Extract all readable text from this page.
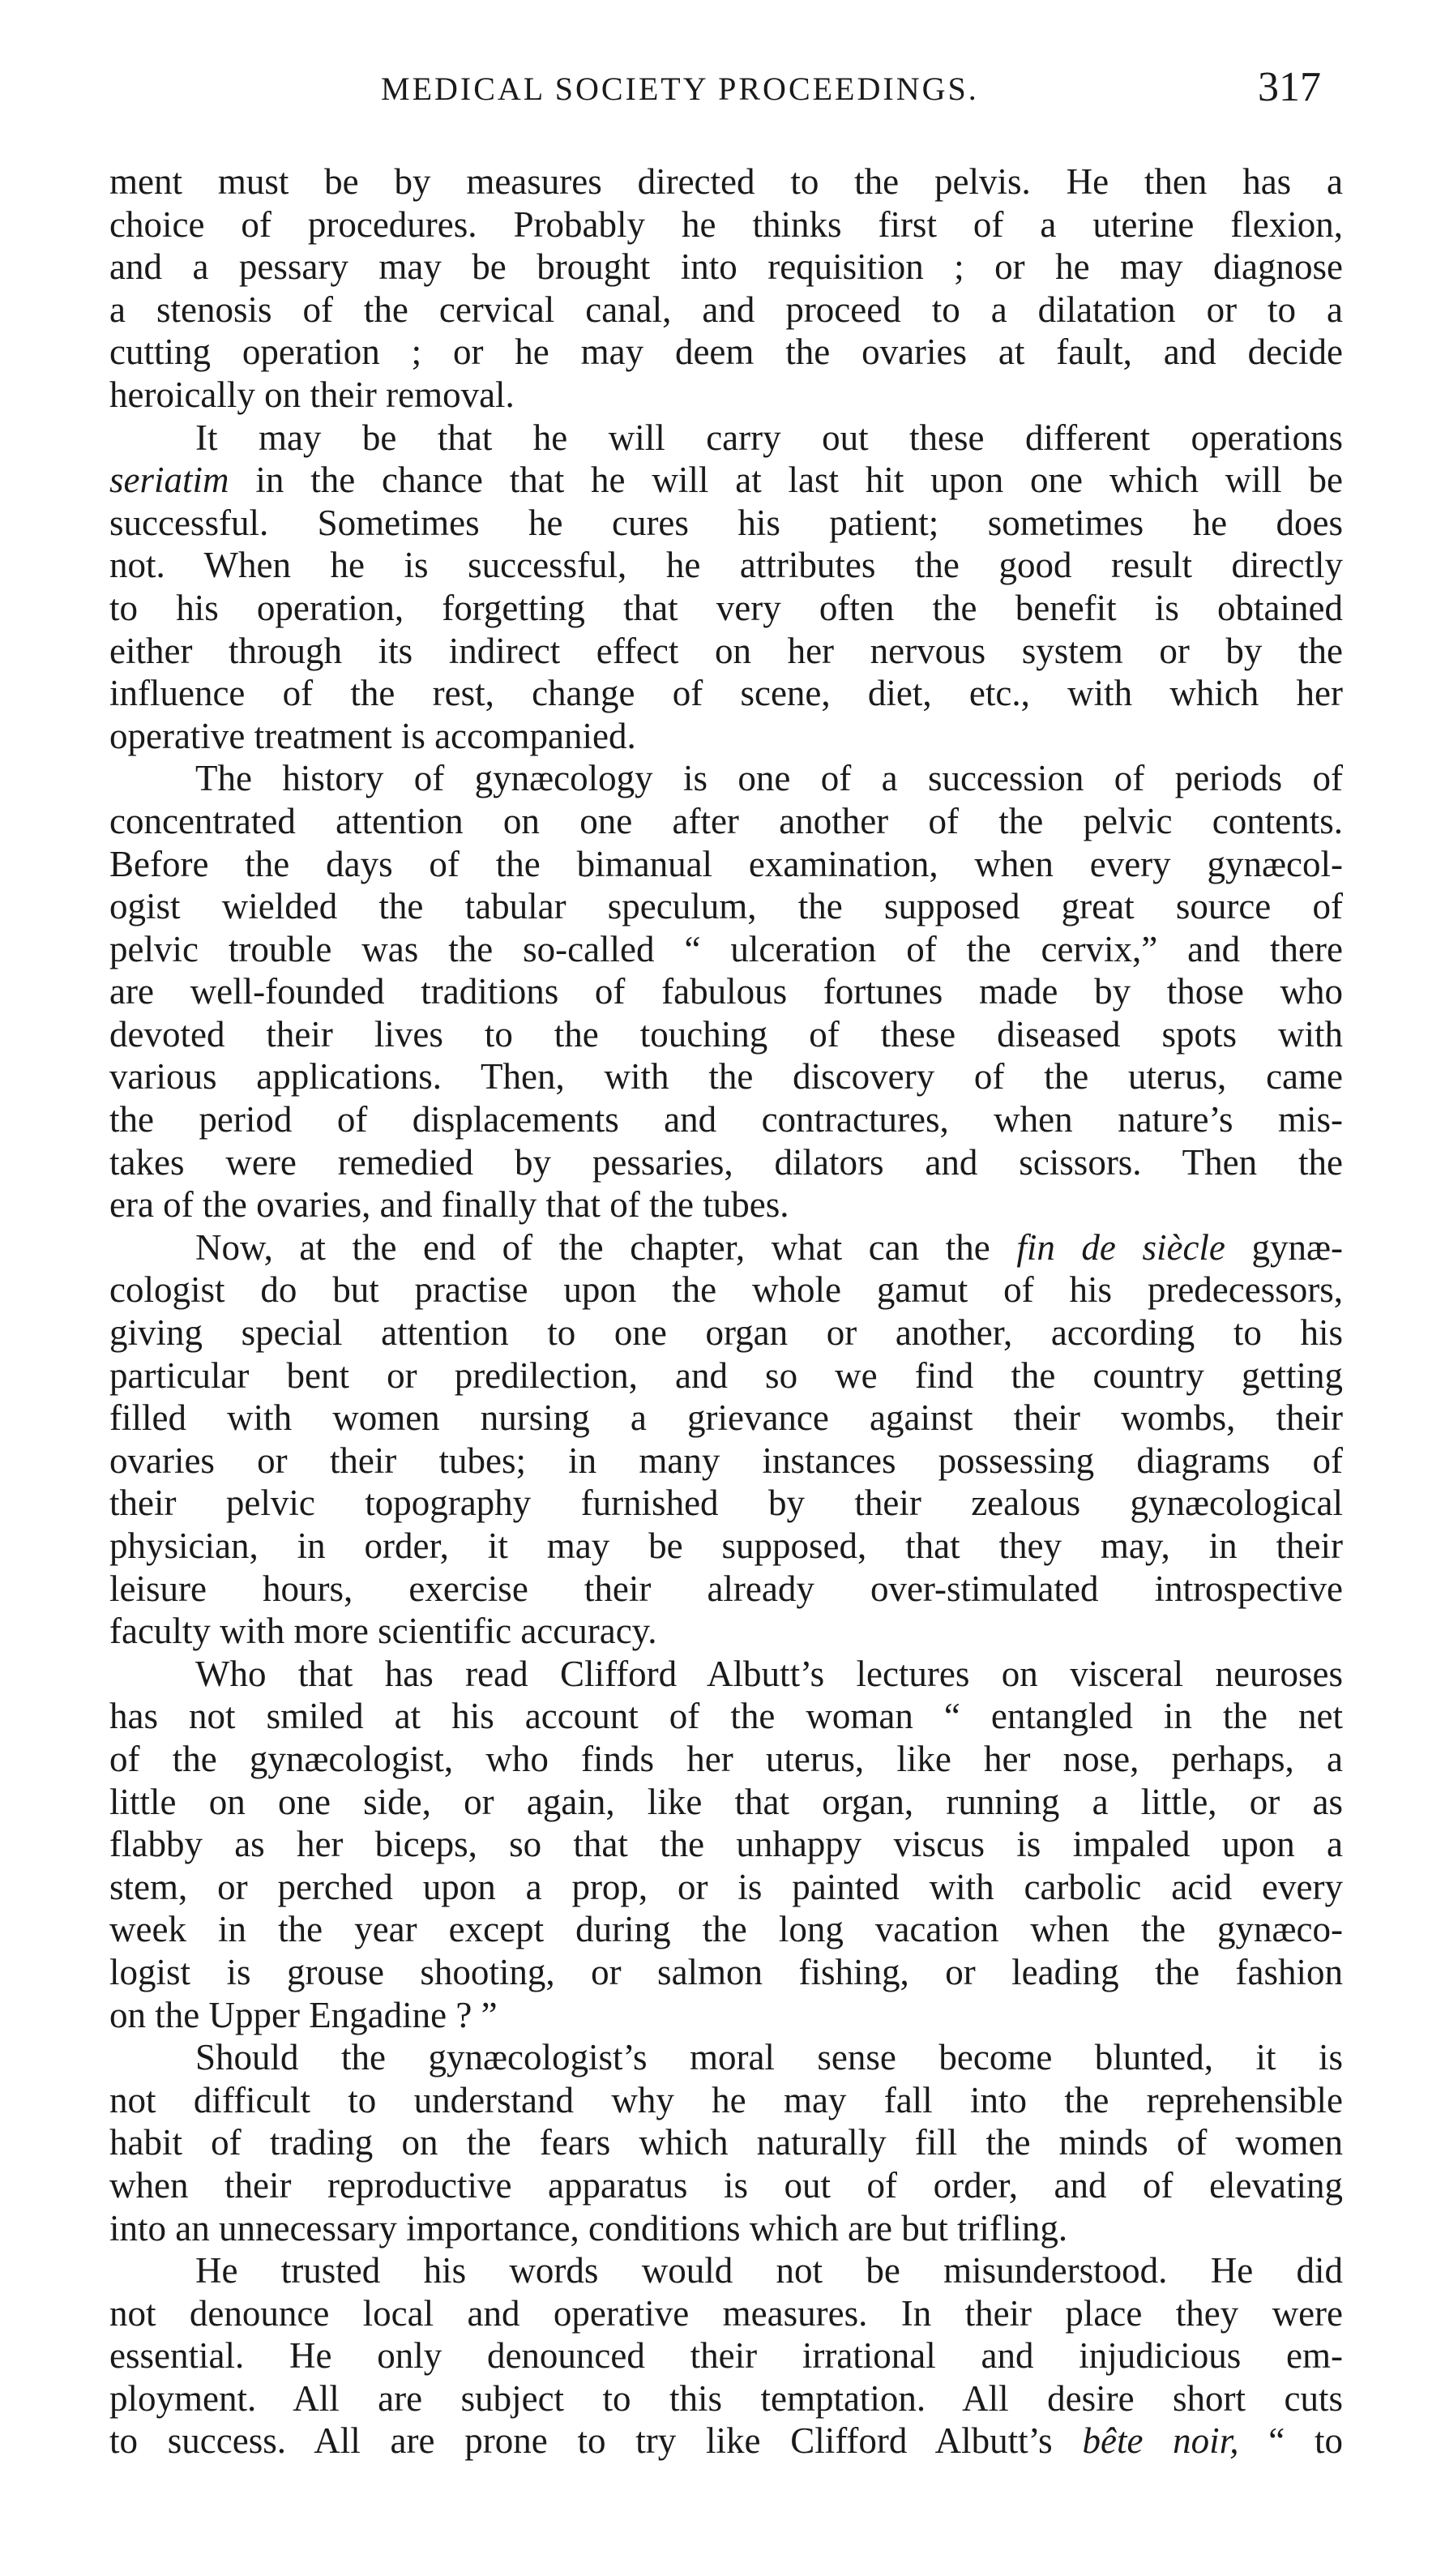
MEDICAL SOCIETY PROCEEDINGS.	317
ment must be by measures directed to the pelvis. He then has a
choice of procedures. Probably he thinks first of a uterine flexion,
and a pessary may be brought into requisition ; or he may diagnose
a stenosis of the cervical canal, and proceed to a dilatation or to a
cutting operation ; or he may deem the ovaries at fault, and decide
heroically on their removal.
It may be that he will carry out these different operations
seriatim in the chance that he will at last hit upon one which will be
successful. Sometimes he cures his patient; sometimes he does
not. When he is successful, he attributes the good result directly
to his operation, forgetting that very often the benefit is obtained
either through its indirect effect on her nervous system or by the
influence of the rest, change of scene, diet, etc., with which her
operative treatment is accompanied.
The history of gynæcology is one of a succession of periods of
concentrated attention on one after another of the pelvic contents.
Before the days of the bimanual examination, when every gynæcol-
ogist wielded the tabular speculum, the supposed great source of
pelvic trouble was the so-called “ ulceration of the cervix,” and there
are well-founded traditions of fabulous fortunes made by those who
devoted their lives to the touching of these diseased spots with
various applications. Then, with the discovery of the uterus, came
the period of displacements and contractures, when nature’s mis-
takes were remedied by pessaries, dilators and scissors. Then the
era of the ovaries, and finally that of the tubes.
Now, at the end of the chapter, what can the fin de siècle gynæ-
cologist do but practise upon the whole gamut of his predecessors,
giving special attention to one organ or another, according to his
particular bent or predilection, and so we find the country getting
filled with women nursing a grievance against their wombs, their
ovaries or their tubes; in many instances possessing diagrams of
their pelvic topography furnished by their zealous gynæcological
physician, in order, it may be supposed, that they may, in their
leisure hours, exercise their already over-stimulated introspective
faculty with more scientific accuracy.
Who that has read Clifford Albutt’s lectures on visceral neuroses
has not smiled at his account of the woman “ entangled in the net
of the gynæcologist, who finds her uterus, like her nose, perhaps, a
little on one side, or again, like that organ, running a little, or as
flabby as her biceps, so that the unhappy viscus is impaled upon a
stem, or perched upon a prop, or is painted with carbolic acid every
week in the year except during the long vacation when the gynæco-
logist is grouse shooting, or salmon fishing, or leading the fashion
on the Upper Engadine ? ”
Should the gynæcologist’s moral sense become blunted, it is
not difficult to understand why he may fall into the reprehensible
habit of trading on the fears which naturally fill the minds of women
when their reproductive apparatus is out of order, and of elevating
into an unnecessary importance, conditions which are but trifling.
He trusted his words would not be misunderstood. He did
not denounce local and operative measures. In their place they were
essential. He only denounced their irrational and injudicious em-
ployment. All are subject to this temptation. All desire short cuts
to success. All are prone to try like Clifford Albutt’s bête noir, “ to
